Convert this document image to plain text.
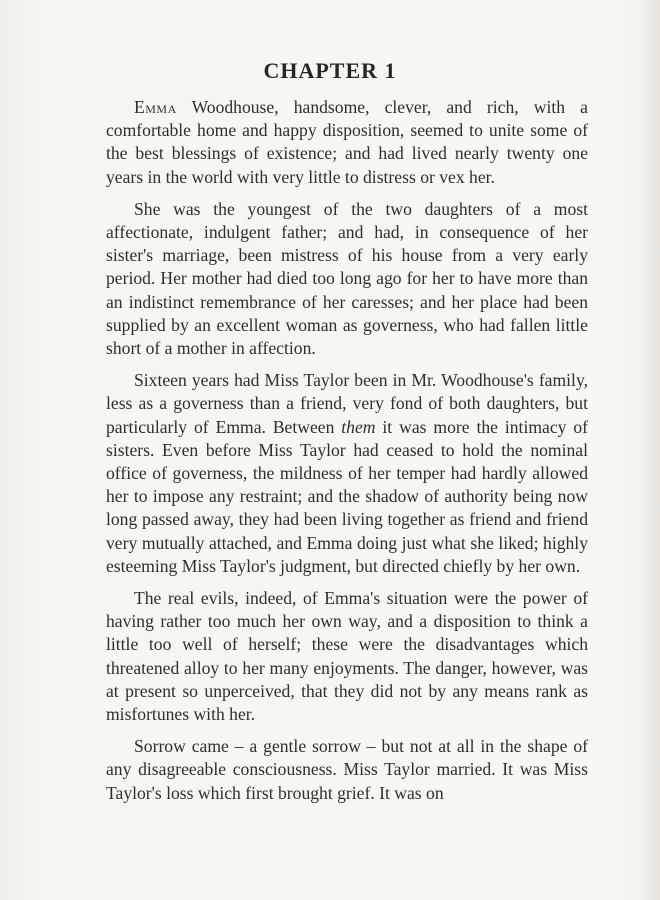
CHAPTER 1

Emma Woodhouse, handsome, clever, and rich, with a comfortable home and happy disposition, seemed to unite some of the best blessings of existence; and had lived nearly twenty one years in the world with very little to distress or vex her.

She was the youngest of the two daughters of a most affectionate, indulgent father; and had, in consequence of her sister's marriage, been mistress of his house from a very early period. Her mother had died too long ago for her to have more than an indistinct remembrance of her caresses; and her place had been supplied by an excellent woman as governess, who had fallen little short of a mother in affection.

Sixteen years had Miss Taylor been in Mr. Woodhouse's family, less as a governess than a friend, very fond of both daughters, but particularly of Emma. Between them it was more the intimacy of sisters. Even before Miss Taylor had ceased to hold the nominal office of governess, the mildness of her temper had hardly allowed her to impose any restraint; and the shadow of authority being now long passed away, they had been living together as friend and friend very mutually attached, and Emma doing just what she liked; highly esteeming Miss Taylor's judgment, but directed chiefly by her own.

The real evils, indeed, of Emma's situation were the power of having rather too much her own way, and a disposition to think a little too well of herself; these were the disadvantages which threatened alloy to her many enjoyments. The danger, however, was at present so unperceived, that they did not by any means rank as misfortunes with her.

Sorrow came – a gentle sorrow – but not at all in the shape of any disagreeable consciousness. Miss Taylor married. It was Miss Taylor's loss which first brought grief. It was on
